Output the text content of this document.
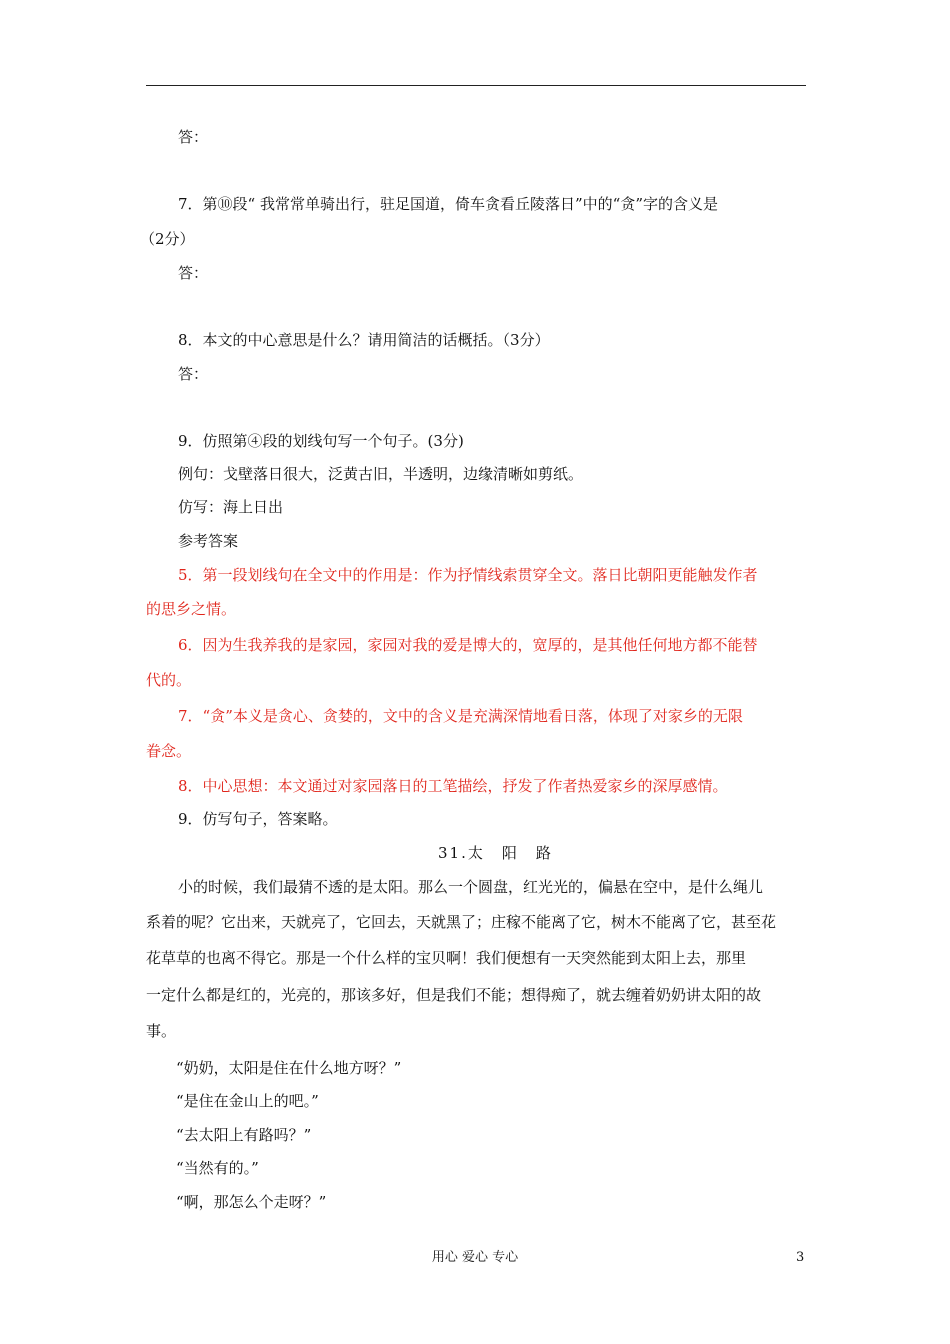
答：
7．第⑩段“ 我常常单骑出行，驻足国道，倚车贪看丘陵落日”中的“贪”字的含义是
（2分）
答：
8．本文的中心意思是什么？请用简洁的话概括。（3分）
答：
9．仿照第④段的划线句写一个句子。(3分)
例句：戈壁落日很大，泛黄古旧，半透明，边缘清晰如剪纸。
仿写：海上日出
参考答案
5．第一段划线句在全文中的作用是：作为抒情线索贯穿全文。落日比朝阳更能触发作者
的思乡之情。
6．因为生我养我的是家园，家园对我的爱是博大的，宽厚的，是其他任何地方都不能替
代的。
7．“贪”本义是贪心、贪婪的，文中的含义是充满深情地看日落，体现了对家乡的无限
眷念。
8．中心思想：本文通过对家园落日的工笔描绘，抒发了作者热爱家乡的深厚感情。
9．仿写句子，答案略。
31.太　阳　路
小的时候，我们最猜不透的是太阳。那么一个圆盘，红光光的，偏悬在空中，是什么绳儿
系着的呢？它出来，天就亮了，它回去，天就黑了；庄稼不能离了它，树木不能离了它，甚至花
花草草的也离不得它。那是一个什么样的宝贝啊！我们便想有一天突然能到太阳上去，那里
一定什么都是红的，光亮的，那该多好，但是我们不能；想得痴了，就去缠着奶奶讲太阳的故
事。
“奶奶，太阳是住在什么地方呀？”
“是住在金山上的吧。”
“去太阳上有路吗？”
“当然有的。”
“啊，那怎么个走呀？”
用心 爱心 专心	3
